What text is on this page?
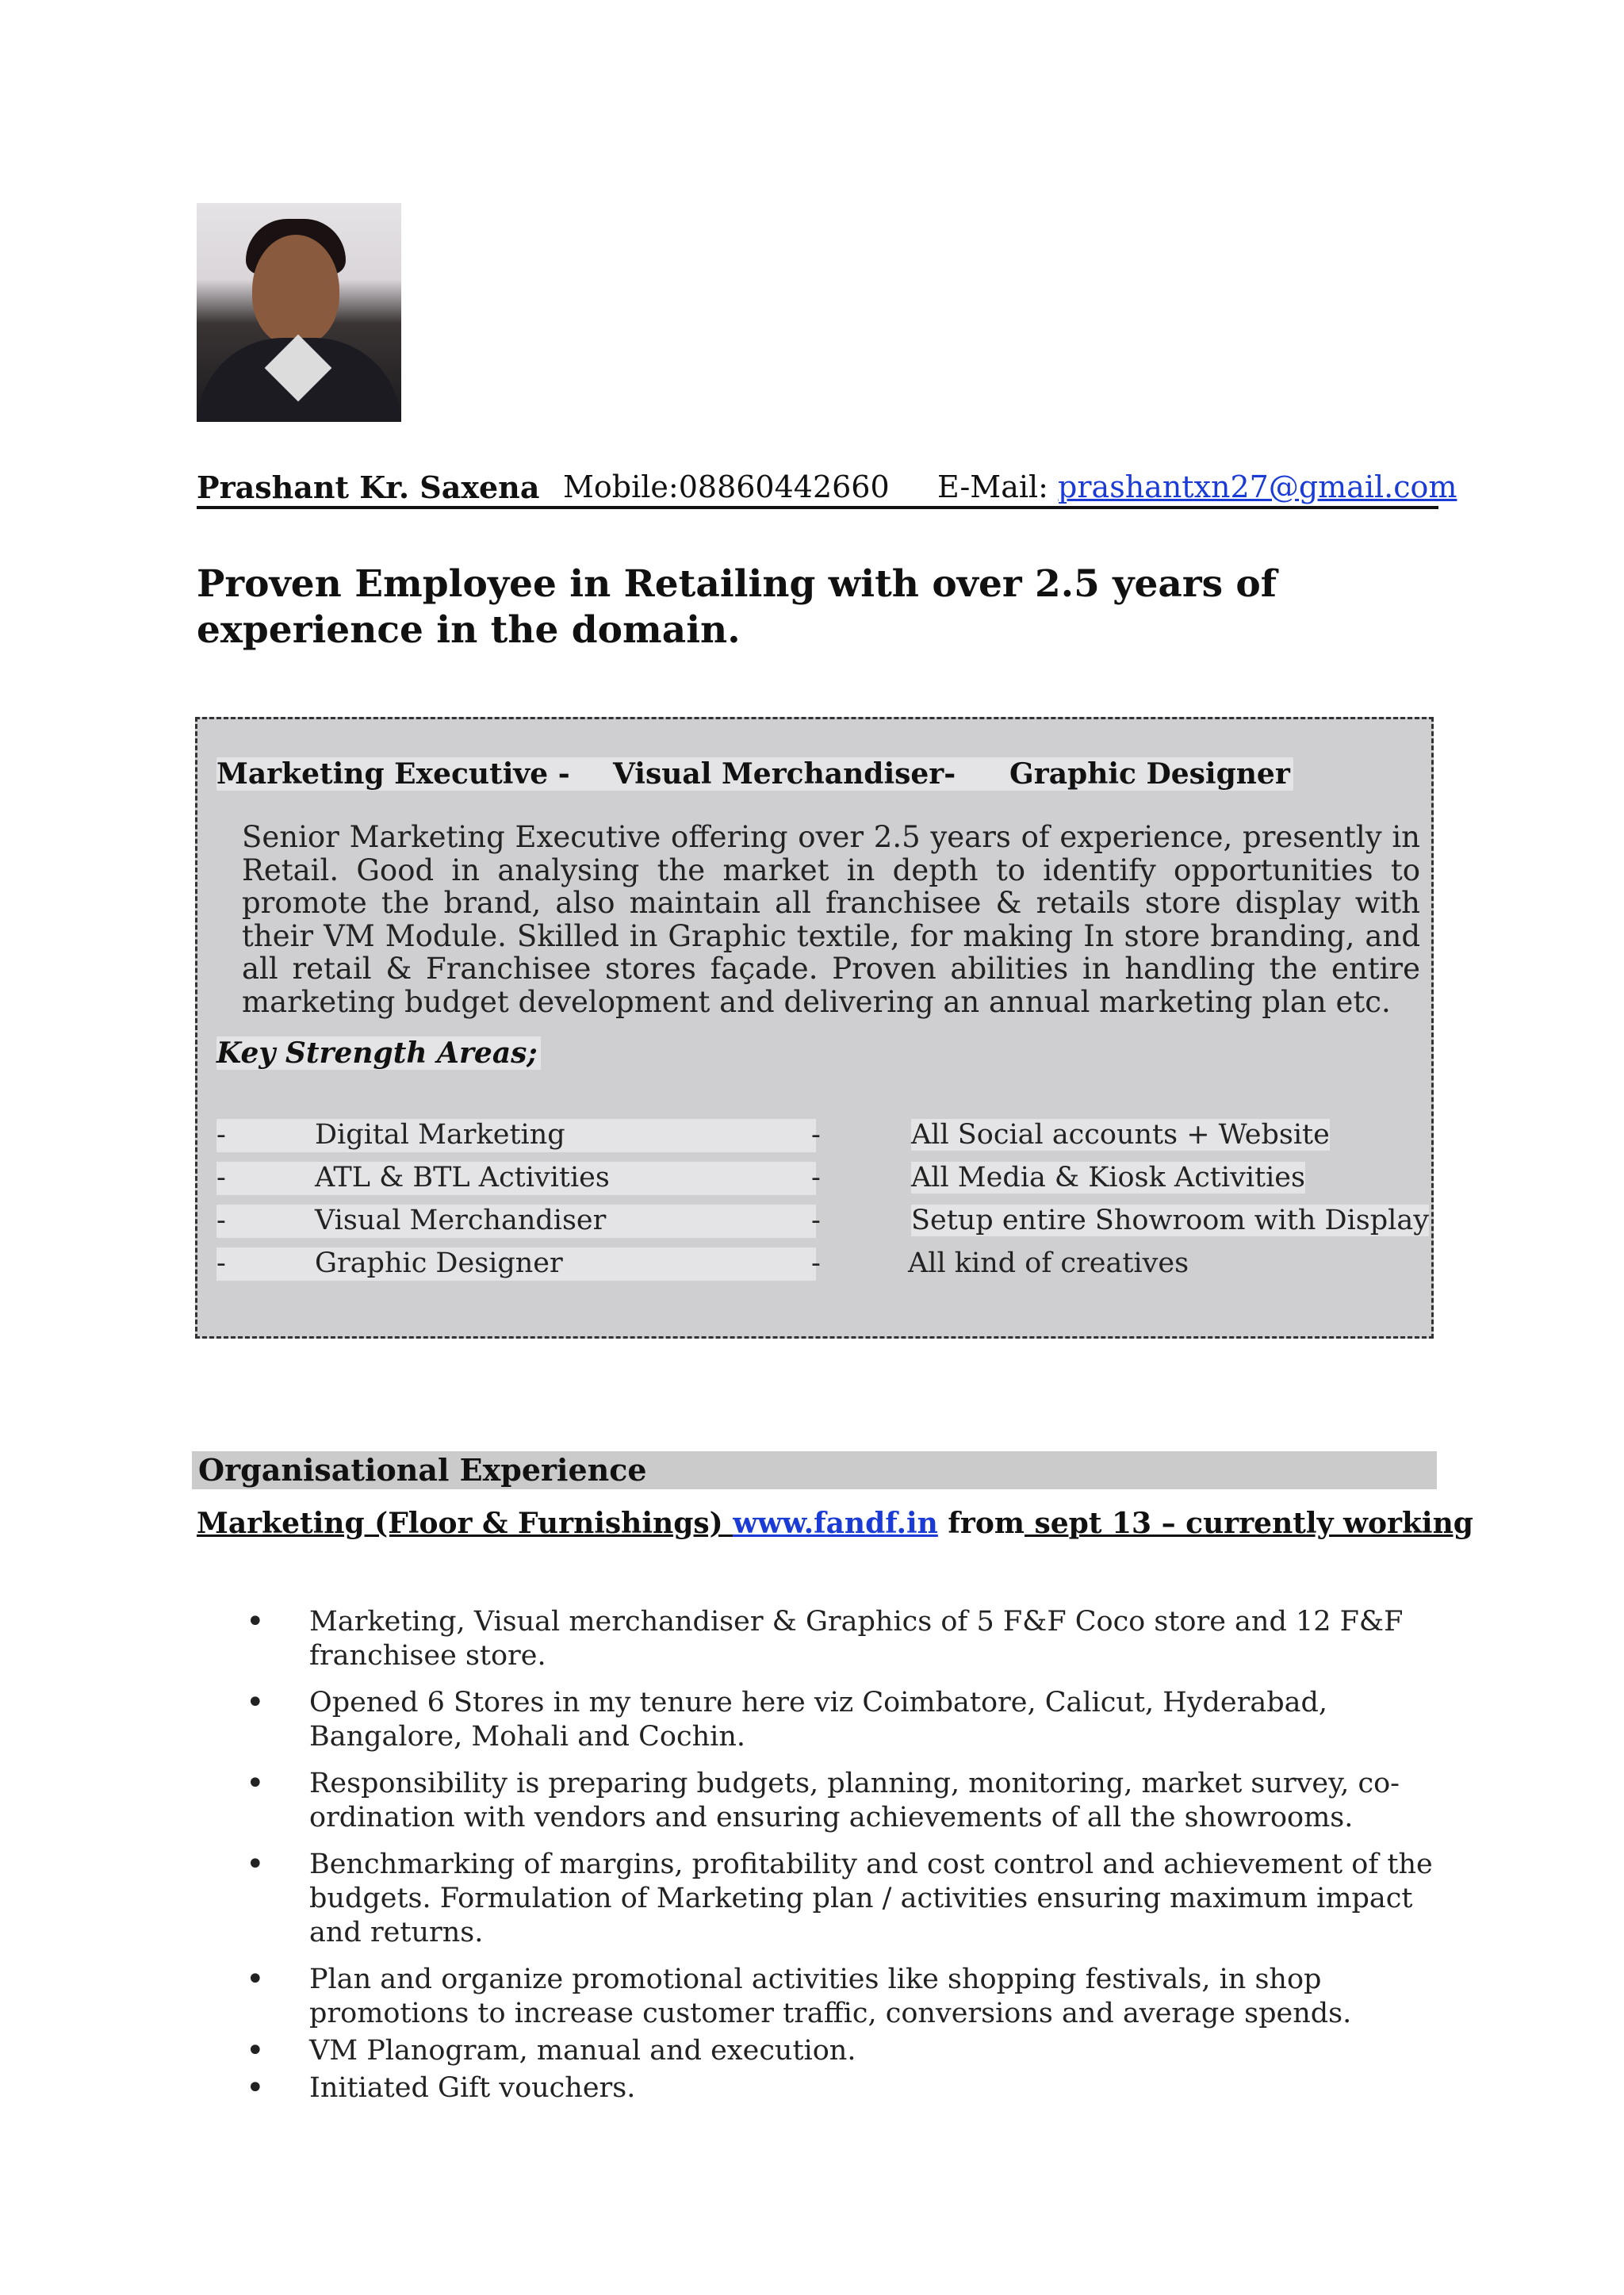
Prashant Kr. Saxena Mobile:08860442660 E-Mail: prashantxn27@gmail.com
Proven Employee in Retailing with over 2.5 years of experience in the domain.
Marketing Executive - Visual Merchandiser- Graphic Designer
Senior Marketing Executive offering over 2.5 years of experience, presently in Retail. Good in analysing the market in depth to identify opportunities to promote the brand, also maintain all franchisee & retails store display with their VM Module. Skilled in Graphic textile, for making In store branding, and all retail & Franchisee stores façade. Proven abilities in handling the entire marketing budget development and delivering an annual marketing plan etc.
Key Strength Areas;
-	Digital Marketing	-	All Social accounts + Website
-	ATL & BTL Activities	-	All Media & Kiosk Activities
-	Visual Merchandiser	-	Setup entire Showroom with Display
-	Graphic Designer	-	All kind of creatives
Organisational Experience
Marketing (Floor & Furnishings) www.fandf.in from sept 13 – currently working
• Marketing, Visual merchandiser & Graphics of 5 F&F Coco store and 12 F&F franchisee store.
• Opened 6 Stores in my tenure here viz Coimbatore, Calicut, Hyderabad, Bangalore, Mohali and Cochin.
• Responsibility is preparing budgets, planning, monitoring, market survey, co-ordination with vendors and ensuring achievements of all the showrooms.
• Benchmarking of margins, profitability and cost control and achievement of the budgets. Formulation of Marketing plan / activities ensuring maximum impact and returns.
• Plan and organize promotional activities like shopping festivals, in shop promotions to increase customer traffic, conversions and average spends.
• VM Planogram, manual and execution.
• Initiated Gift vouchers.
